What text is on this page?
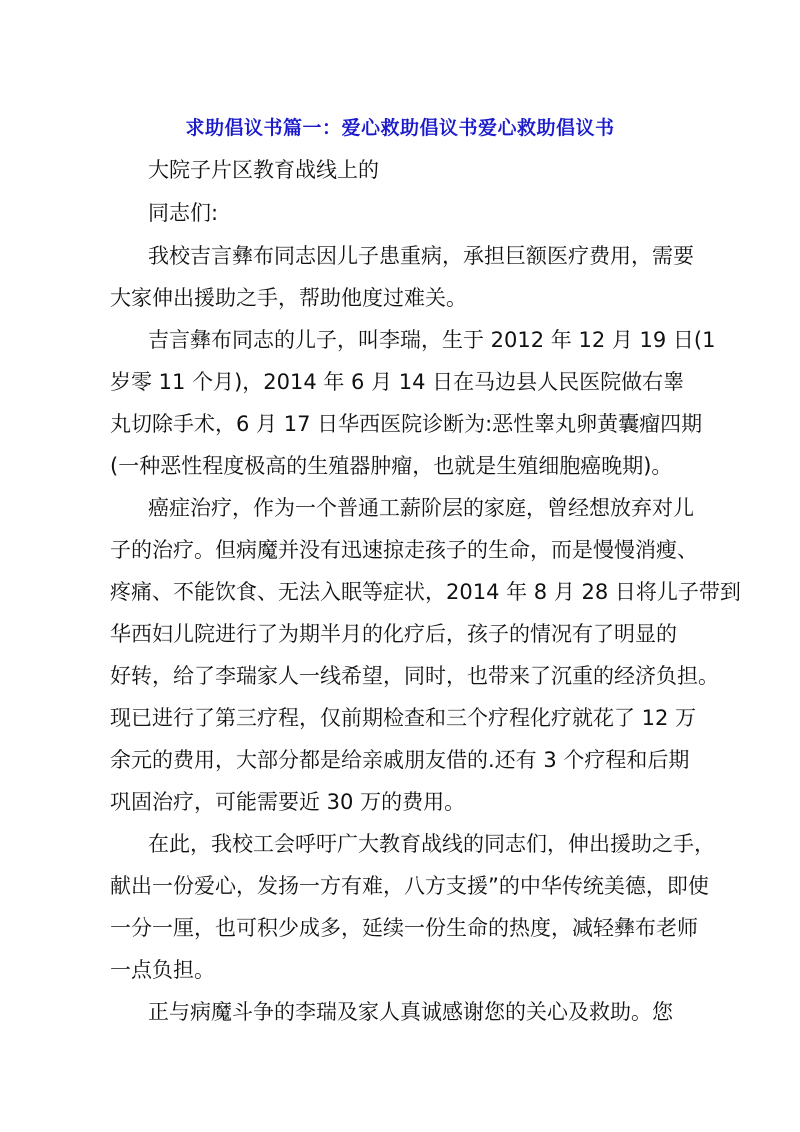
求助倡议书篇一：爱心救助倡议书爱心救助倡议书
大院子片区教育战线上的
同志们:
我校吉言彝布同志因儿子患重病，承担巨额医疗费用，需要
大家伸出援助之手，帮助他度过难关。
吉言彝布同志的儿子，叫李瑞，生于 2012 年 12 月 19 日(1
岁零 11 个月)，2014 年 6 月 14 日在马边县人民医院做右睾
丸切除手术，6 月 17 日华西医院诊断为:恶性睾丸卵黄囊瘤四期
(一种恶性程度极高的生殖器肿瘤，也就是生殖细胞癌晚期)。
癌症治疗，作为一个普通工薪阶层的家庭，曾经想放弃对儿
子的治疗。但病魔并没有迅速掠走孩子的生命，而是慢慢消瘦、
疼痛、不能饮食、无法入眠等症状，2014 年 8 月 28 日将儿子带到
华西妇儿院进行了为期半月的化疗后，孩子的情况有了明显的
好转，给了李瑞家人一线希望，同时，也带来了沉重的经济负担。
现已进行了第三疗程，仅前期检查和三个疗程化疗就花了 12 万
余元的费用，大部分都是给亲戚朋友借的.还有 3 个疗程和后期
巩固治疗，可能需要近 30 万的费用。
在此，我校工会呼吁广大教育战线的同志们，伸出援助之手，
献出一份爱心，发扬一方有难，八方支援”的中华传统美德，即使
一分一厘，也可积少成多，延续一份生命的热度，减轻彝布老师
一点负担。
正与病魔斗争的李瑞及家人真诚感谢您的关心及救助。您
